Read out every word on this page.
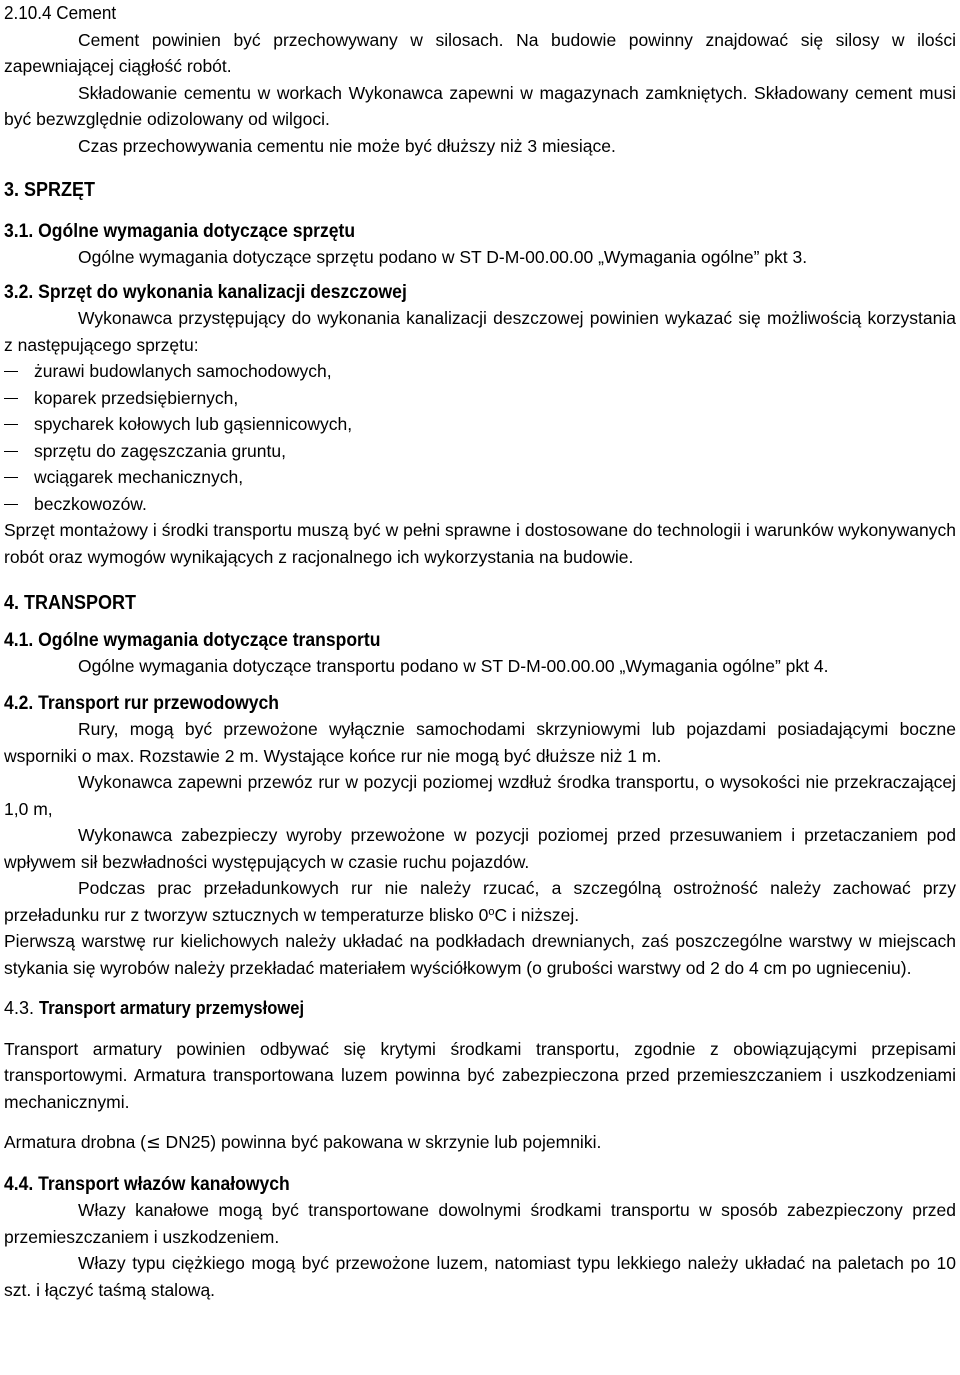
2.10.4 Cement

Cement powinien być przechowywany w silosach. Na budowie powinny znajdować się silosy w ilości zapewniającej ciągłość robót.

Składowanie cementu w workach Wykonawca zapewni w magazynach zamkniętych. Składowany cement musi być bezwzględnie odizolowany od wilgoci.

Czas przechowywania cementu nie może być dłuższy niż 3 miesiące.

3. SPRZĘT

3.1. Ogólne wymagania dotyczące sprzętu

Ogólne wymagania dotyczące sprzętu podano w ST D-M-00.00.00 „Wymagania ogólne” pkt 3.

3.2. Sprzęt do wykonania kanalizacji deszczowej

Wykonawca przystępujący do wykonania kanalizacji deszczowej powinien wykazać się możliwością korzystania z następującego sprzętu:

żurawi budowlanych samochodowych,
koparek przedsiębiernych,
spycharek kołowych lub gąsiennicowych,
sprzętu do zagęszczania gruntu,
wciągarek mechanicznych,
beczkowozów.

Sprzęt montażowy i środki transportu muszą być w pełni sprawne i dostosowane do technologii i warunków wykonywanych robót oraz wymogów wynikających z racjonalnego ich wykorzystania na budowie.

4. TRANSPORT

4.1. Ogólne wymagania dotyczące transportu

Ogólne wymagania dotyczące transportu podano w ST D-M-00.00.00 „Wymagania ogólne” pkt 4.

4.2. Transport rur przewodowych

Rury, mogą być przewożone wyłącznie samochodami skrzyniowymi lub pojazdami posiadającymi boczne wsporniki o max. Rozstawie 2 m. Wystające końce rur nie mogą być dłuższe niż 1 m.

Wykonawca zapewni przewóz rur w pozycji poziomej wzdłuż środka transportu, o wysokości nie przekraczającej 1,0 m,

Wykonawca zabezpieczy wyroby przewożone w pozycji poziomej przed przesuwaniem i przetaczaniem pod wpływem sił bezwładności występujących w czasie ruchu pojazdów.

Podczas prac przeładunkowych rur nie należy rzucać, a szczególną ostrożność należy zachować przy przeładunku rur z tworzyw sztucznych w temperaturze blisko 0$^o$C i niższej.

Pierwszą warstwę rur kielichowych należy układać na podkładach drewnianych, zaś poszczególne warstwy w miejscach stykania się wyrobów należy przekładać materiałem wyściółkowym (o grubości warstwy od 2 do 4 cm po ugnieceniu).

4.3. Transport armatury przemysłowej

Transport armatury powinien odbywać się krytymi środkami transportu, zgodnie z obowiązującymi przepisami transportowymi. Armatura transportowana luzem powinna być zabezpieczona przed przemieszczaniem i uszkodzeniami mechanicznymi.

Armatura drobna (≤ DN25) powinna być pakowana w skrzynie lub pojemniki.

4.4. Transport włazów kanałowych

Włazy kanałowe mogą być transportowane dowolnymi środkami transportu w sposób zabezpieczony przed przemieszczaniem i uszkodzeniem.

Włazy typu ciężkiego mogą być przewożone luzem, natomiast typu lekkiego należy układać na paletach po 10 szt. i łączyć taśmą stalową.
